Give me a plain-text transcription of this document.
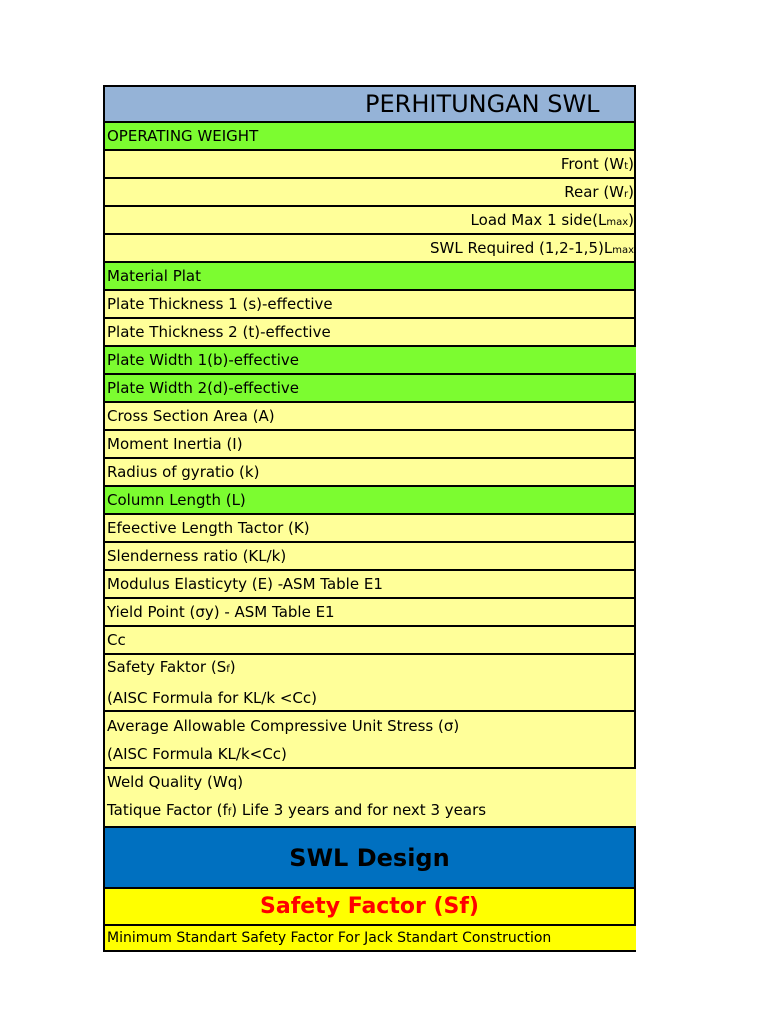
PERHITUNGAN SWL
OPERATING WEIGHT
Front (Wt)
Rear (Wr)
Load Max 1 side(Lmax)
SWL Required (1,2-1,5)Lmax
Material Plat
Plate Thickness 1 (s)-effective
Plate Thickness 2 (t)-effective
Plate Width 1(b)-effective
Plate Width 2(d)-effective
Cross Section Area (A)
Moment Inertia (I)
Radius of gyratio (k)
Column Length (L)
Efeective Length Tactor (K)
Slenderness ratio (KL/k)
Modulus Elasticyty (E) -ASM Table E1
Yield Point (σy) - ASM Table E1
Cc
Safety Faktor (Sf)
(AISC Formula for KL/k <Cc)
Average Allowable Compressive Unit Stress (σ)
(AISC Formula KL/k<Cc)
Weld Quality (Wq)
Tatique Factor (ff) Life 3 years and for next 3 years
SWL Design
Safety Factor (Sf)
Minimum Standart Safety Factor For Jack Standart Construction
